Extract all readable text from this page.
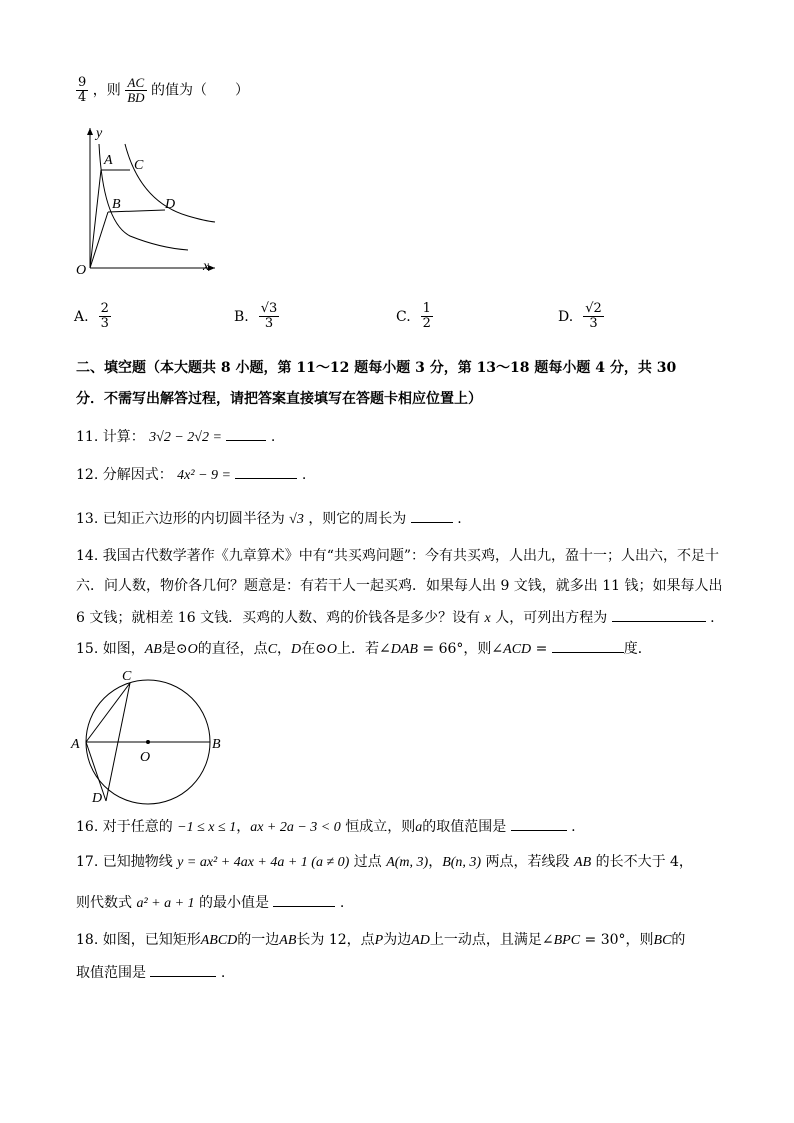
$\frac{9}{4}$ ，则 $\frac{AC}{BD}$ 的值为（　　）
y
x
O
A
B
C
D
A. $\frac{2}{3}$	B. $\frac{√3}{3}$	C. $\frac{1}{2}$	D. $\frac{√2}{3}$
二、填空题（本大题共 8 小题，第 11～12 题每小题 3 分，第 13～18 题每小题 4 分，共 30
分．不需写出解答过程，请把答案直接填写在答题卡相应位置上）
11. 计算： 3√2 − 2√2 =	.
12. 分解因式： 4x² − 9 =	.
13. 已知正六边形的内切圆半径为 √3 ，则它的周长为	.
14. 我国古代数学著作《九章算术》中有“共买鸡问题”：今有共买鸡，人出九，盈十一；人出六，不足十
六．问人数，物价各几何？题意是：有若干人一起买鸡．如果每人出 9 文钱，就多出 11 钱；如果每人出
6 文钱；就相差 16 文钱．买鸡的人数、鸡的价钱各是多少？设有 x 人，可列出方程为	.
15. 如图，AB是⊙O的直径，点C，D在⊙O上．若∠DAB = 66°，则∠ACD =	度．
A	B
C
D
O
16. 对于任意的 −1 ≤ x ≤ 1，ax + 2a − 3 < 0 恒成立，则a的取值范围是	.
17. 已知抛物线 y = ax² + 4ax + 4a + 1 (a ≠ 0) 过点 A(m, 3)，B(n, 3) 两点，若线段 AB 的长不大于 4，
则代数式 a² + a + 1 的最小值是	.
18. 如图，已知矩形ABCD的一边AB长为 12，点P为边AD上一动点，且满足∠BPC = 30°，则BC的
取值范围是	.
